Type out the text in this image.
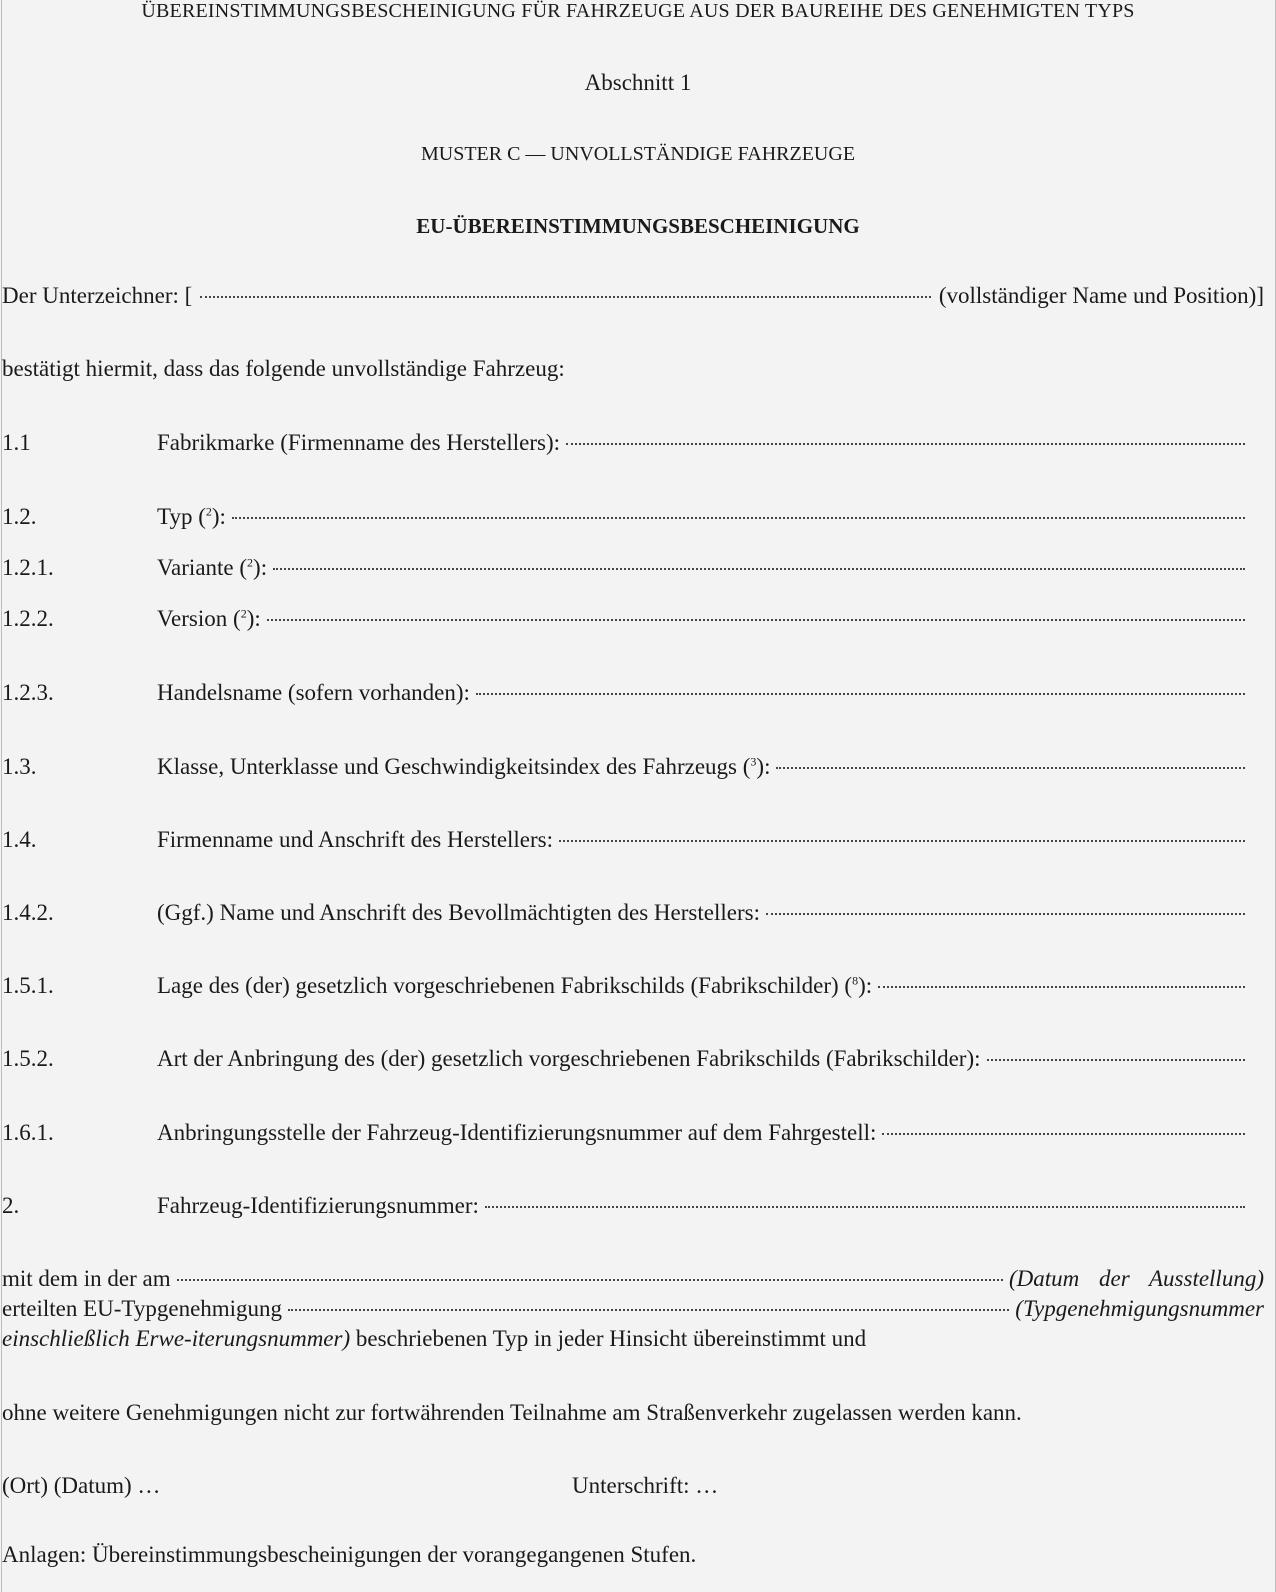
ÜBEREINSTIMMUNGSBESCHEINIGUNG FÜR FAHRZEUGE AUS DER BAUREIHE DES GENEHMIGTEN TYPS
Abschnitt 1
MUSTER C — UNVOLLSTÄNDIGE FAHRZEUGE
EU-ÜBEREINSTIMMUNGSBESCHEINIGUNG
Der Unterzeichner: [	(vollständiger Name und Position)]
bestätigt hiermit, dass das folgende unvollständige Fahrzeug:
1.1	Fabrikmarke (Firmenname des Herstellers):
1.2.	Typ ($^2$):
1.2.1.	Variante ($^2$):
1.2.2.	Version ($^2$):
1.2.3.	Handelsname (sofern vorhanden):
1.3.	Klasse, Unterklasse und Geschwindigkeitsindex des Fahrzeugs ($^3$):
1.4.	Firmenname und Anschrift des Herstellers:
1.4.2.	(Ggf.) Name und Anschrift des Bevollmächtigten des Herstellers:
1.5.1.	Lage des (der) gesetzlich vorgeschriebenen Fabrikschilds (Fabrikschilder) ($^8$):
1.5.2.	Art der Anbringung des (der) gesetzlich vorgeschriebenen Fabrikschilds (Fabrikschilder):
1.6.1.	Anbringungsstelle der Fahrzeug-Identifizierungsnummer auf dem Fahrgestell:
2.	Fahrzeug-Identifizierungsnummer:
mit dem in der am	(Datum der Ausstellung)
erteilten EU-Typgenehmigung	(Typgenehmigungsnummer
einschließlich Erwe-iterungsnummer) beschriebenen Typ in jeder Hinsicht übereinstimmt und
ohne weitere Genehmigungen nicht zur fortwährenden Teilnahme am Straßenverkehr zugelassen werden kann.
(Ort) (Datum) …	Unterschrift: …
Anlagen: Übereinstimmungsbescheinigungen der vorangegangenen Stufen.
